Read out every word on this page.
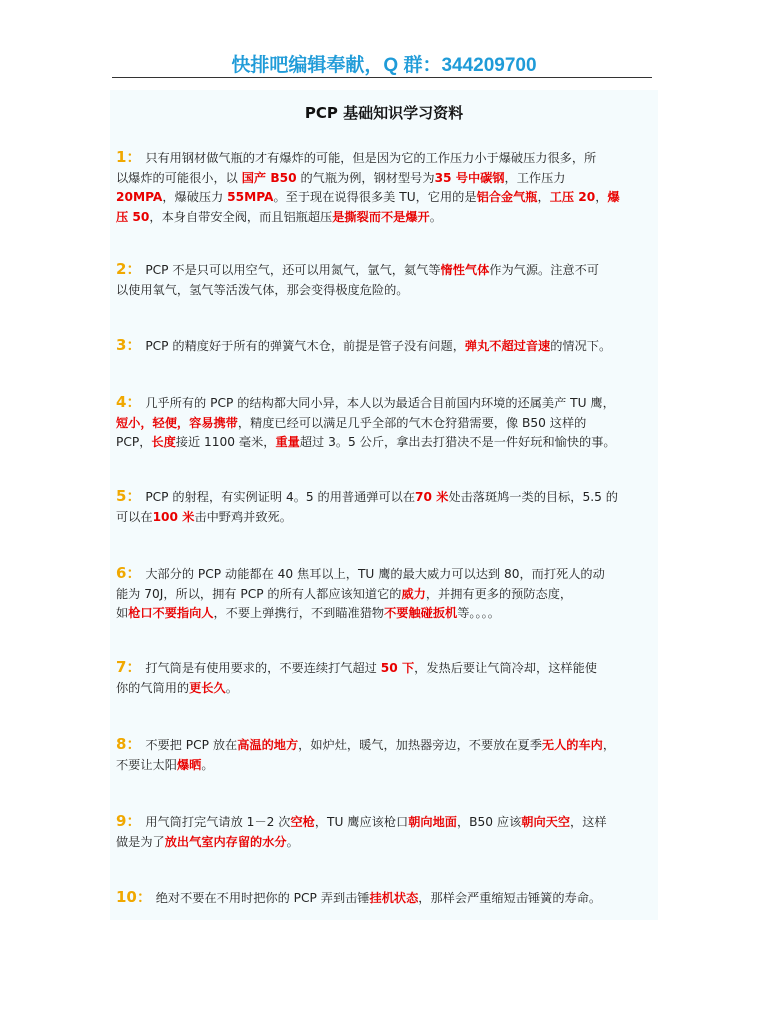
快排吧编辑奉献，Q 群：344209700
PCP 基础知识学习资料
1： 只有用钢材做气瓶的才有爆炸的可能，但是因为它的工作压力小于爆破压力很多，所
以爆炸的可能很小，以 国产 B50 的气瓶为例，钢材型号为35 号中碳钢，工作压力
20MPA，爆破压力 55MPA。至于现在说得很多美 TU，它用的是铝合金气瓶，工压 20，爆
压 50，本身自带安全阀，而且铝瓶超压是撕裂而不是爆开。
2： PCP 不是只可以用空气，还可以用氮气，氩气，氦气等惰性气体作为气源。注意不可
以使用氧气，氢气等活泼气体，那会变得极度危险的。
3： PCP 的精度好于所有的弹簧气木仓，前提是管子没有问题，弹丸不超过音速的情况下。
4： 几乎所有的 PCP 的结构都大同小异，本人以为最适合目前国内环境的还属美产 TU 鹰，
短小，轻便，容易携带，精度已经可以满足几乎全部的气木仓狩猎需要，像 B50 这样的
PCP，长度接近 1100 毫米，重量超过 3。5 公斤，拿出去打猎决不是一件好玩和愉快的事。
5： PCP 的射程，有实例证明 4。5 的用普通弹可以在70 米处击落斑鸠一类的目标，5.5 的
可以在100 米击中野鸡并致死。
6： 大部分的 PCP 动能都在 40 焦耳以上，TU 鹰的最大威力可以达到 80，而打死人的动
能为 70J，所以，拥有 PCP 的所有人都应该知道它的威力，并拥有更多的预防态度，
如枪口不要指向人，不要上弹携行，不到瞄准猎物不要触碰扳机等。。。。
7： 打气筒是有使用要求的，不要连续打气超过 50 下，发热后要让气筒冷却，这样能使
你的气筒用的更长久。
8： 不要把 PCP 放在高温的地方，如炉灶，暖气，加热器旁边，不要放在夏季无人的车内，
不要让太阳爆晒。
9： 用气筒打完气请放 1－2 次空枪，TU 鹰应该枪口朝向地面，B50 应该朝向天空，这样
做是为了放出气室内存留的水分。
10： 绝对不要在不用时把你的 PCP 弄到击锤挂机状态，那样会严重缩短击锤簧的寿命。
